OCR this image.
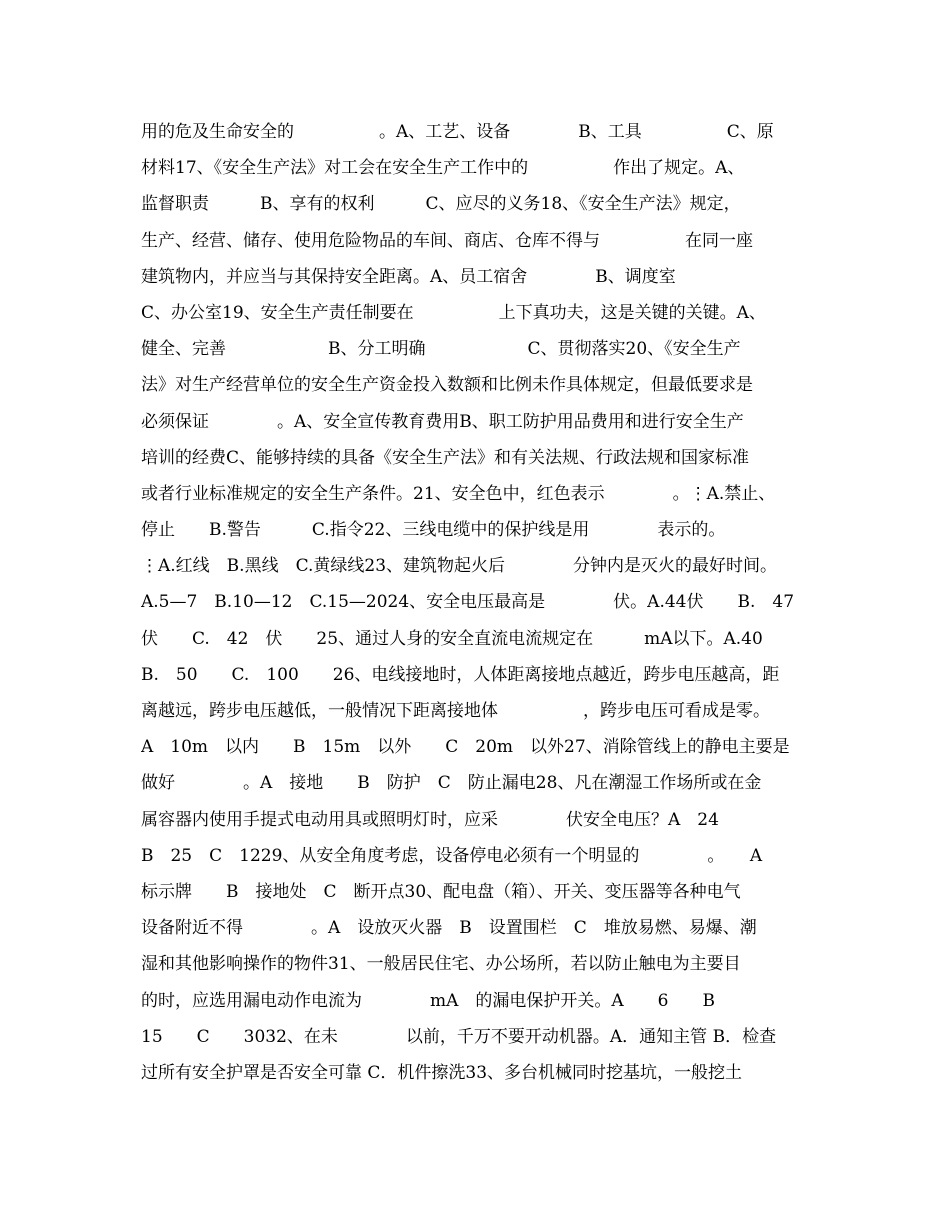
用的危及生命安全的　　　　　。A、工艺、设备　　　　B、工具　　　　　C、原
材料17、《安全生产法》对工会在安全生产工作中的　　　　　作出了规定。A、
监督职责　　　B、享有的权利　　　C、应尽的义务18、《安全生产法》规定，
生产、经营、储存、使用危险物品的车间、商店、仓库不得与　　　　　在同一座
建筑物内，并应当与其保持安全距离。A、员工宿舍　　　　B、调度室
C、办公室19、安全生产责任制要在　　　　　上下真功夫，这是关键的关键。A、
健全、完善　　　　　　B、分工明确　　　　　　C、贯彻落实20、《安全生产
法》对生产经营单位的安全生产资金投入数额和比例未作具体规定，但最低要求是
必须保证　　　　。A、安全宣传教育费用B、职工防护用品费用和进行安全生产
培训的经费C、能够持续的具备《安全生产法》和有关法规、行政法规和国家标准
或者行业标准规定的安全生产条件。21、安全色中，红色表示　　　　。⋮A.禁止、
停止　　B.警告　　　C.指令22、三线电缆中的保护线是用　　　　表示的。
⋮A.红线　B.黑线　C.黄绿线23、建筑物起火后　　　　分钟内是灭火的最好时间。
A.5—7　B.10—12　C.15—2024、安全电压最高是　　　　伏。A.44伏　　B.　47
伏　　C.　42　伏　　25、通过人身的安全直流电流规定在　　　mA以下。A.40
B.　50　　C.　100　　26、电线接地时，人体距离接地点越近，跨步电压越高，距
离越远，跨步电压越低，一般情况下距离接地体　　　　　，跨步电压可看成是零。
A　10m　以内　　B　15m　以外　　C　20m　以外27、消除管线上的静电主要是
做好　　　　。A　接地　　B　防护　C　防止漏电28、凡在潮湿工作场所或在金
属容器内使用手提式电动用具或照明灯时，应采　　　　伏安全电压？A　24
B　25　C　1229、从安全角度考虑，设备停电必须有一个明显的　　　　。　　A
标示牌　　B　接地处　C　断开点30、配电盘（箱）、开关、变压器等各种电气
设备附近不得　　　　。A　设放灭火器　B　设置围栏　C　堆放易燃、易爆、潮
湿和其他影响操作的物件31、一般居民住宅、办公场所，若以防止触电为主要目
的时，应选用漏电动作电流为　　　　mA　的漏电保护开关。A　　6　　B
15　　C　　3032、在未　　　　以前，千万不要开动机器。A．通知主管 B．检查
过所有安全护罩是否安全可靠 C．机件擦洗33、多台机械同时挖基坑，一般挖土
